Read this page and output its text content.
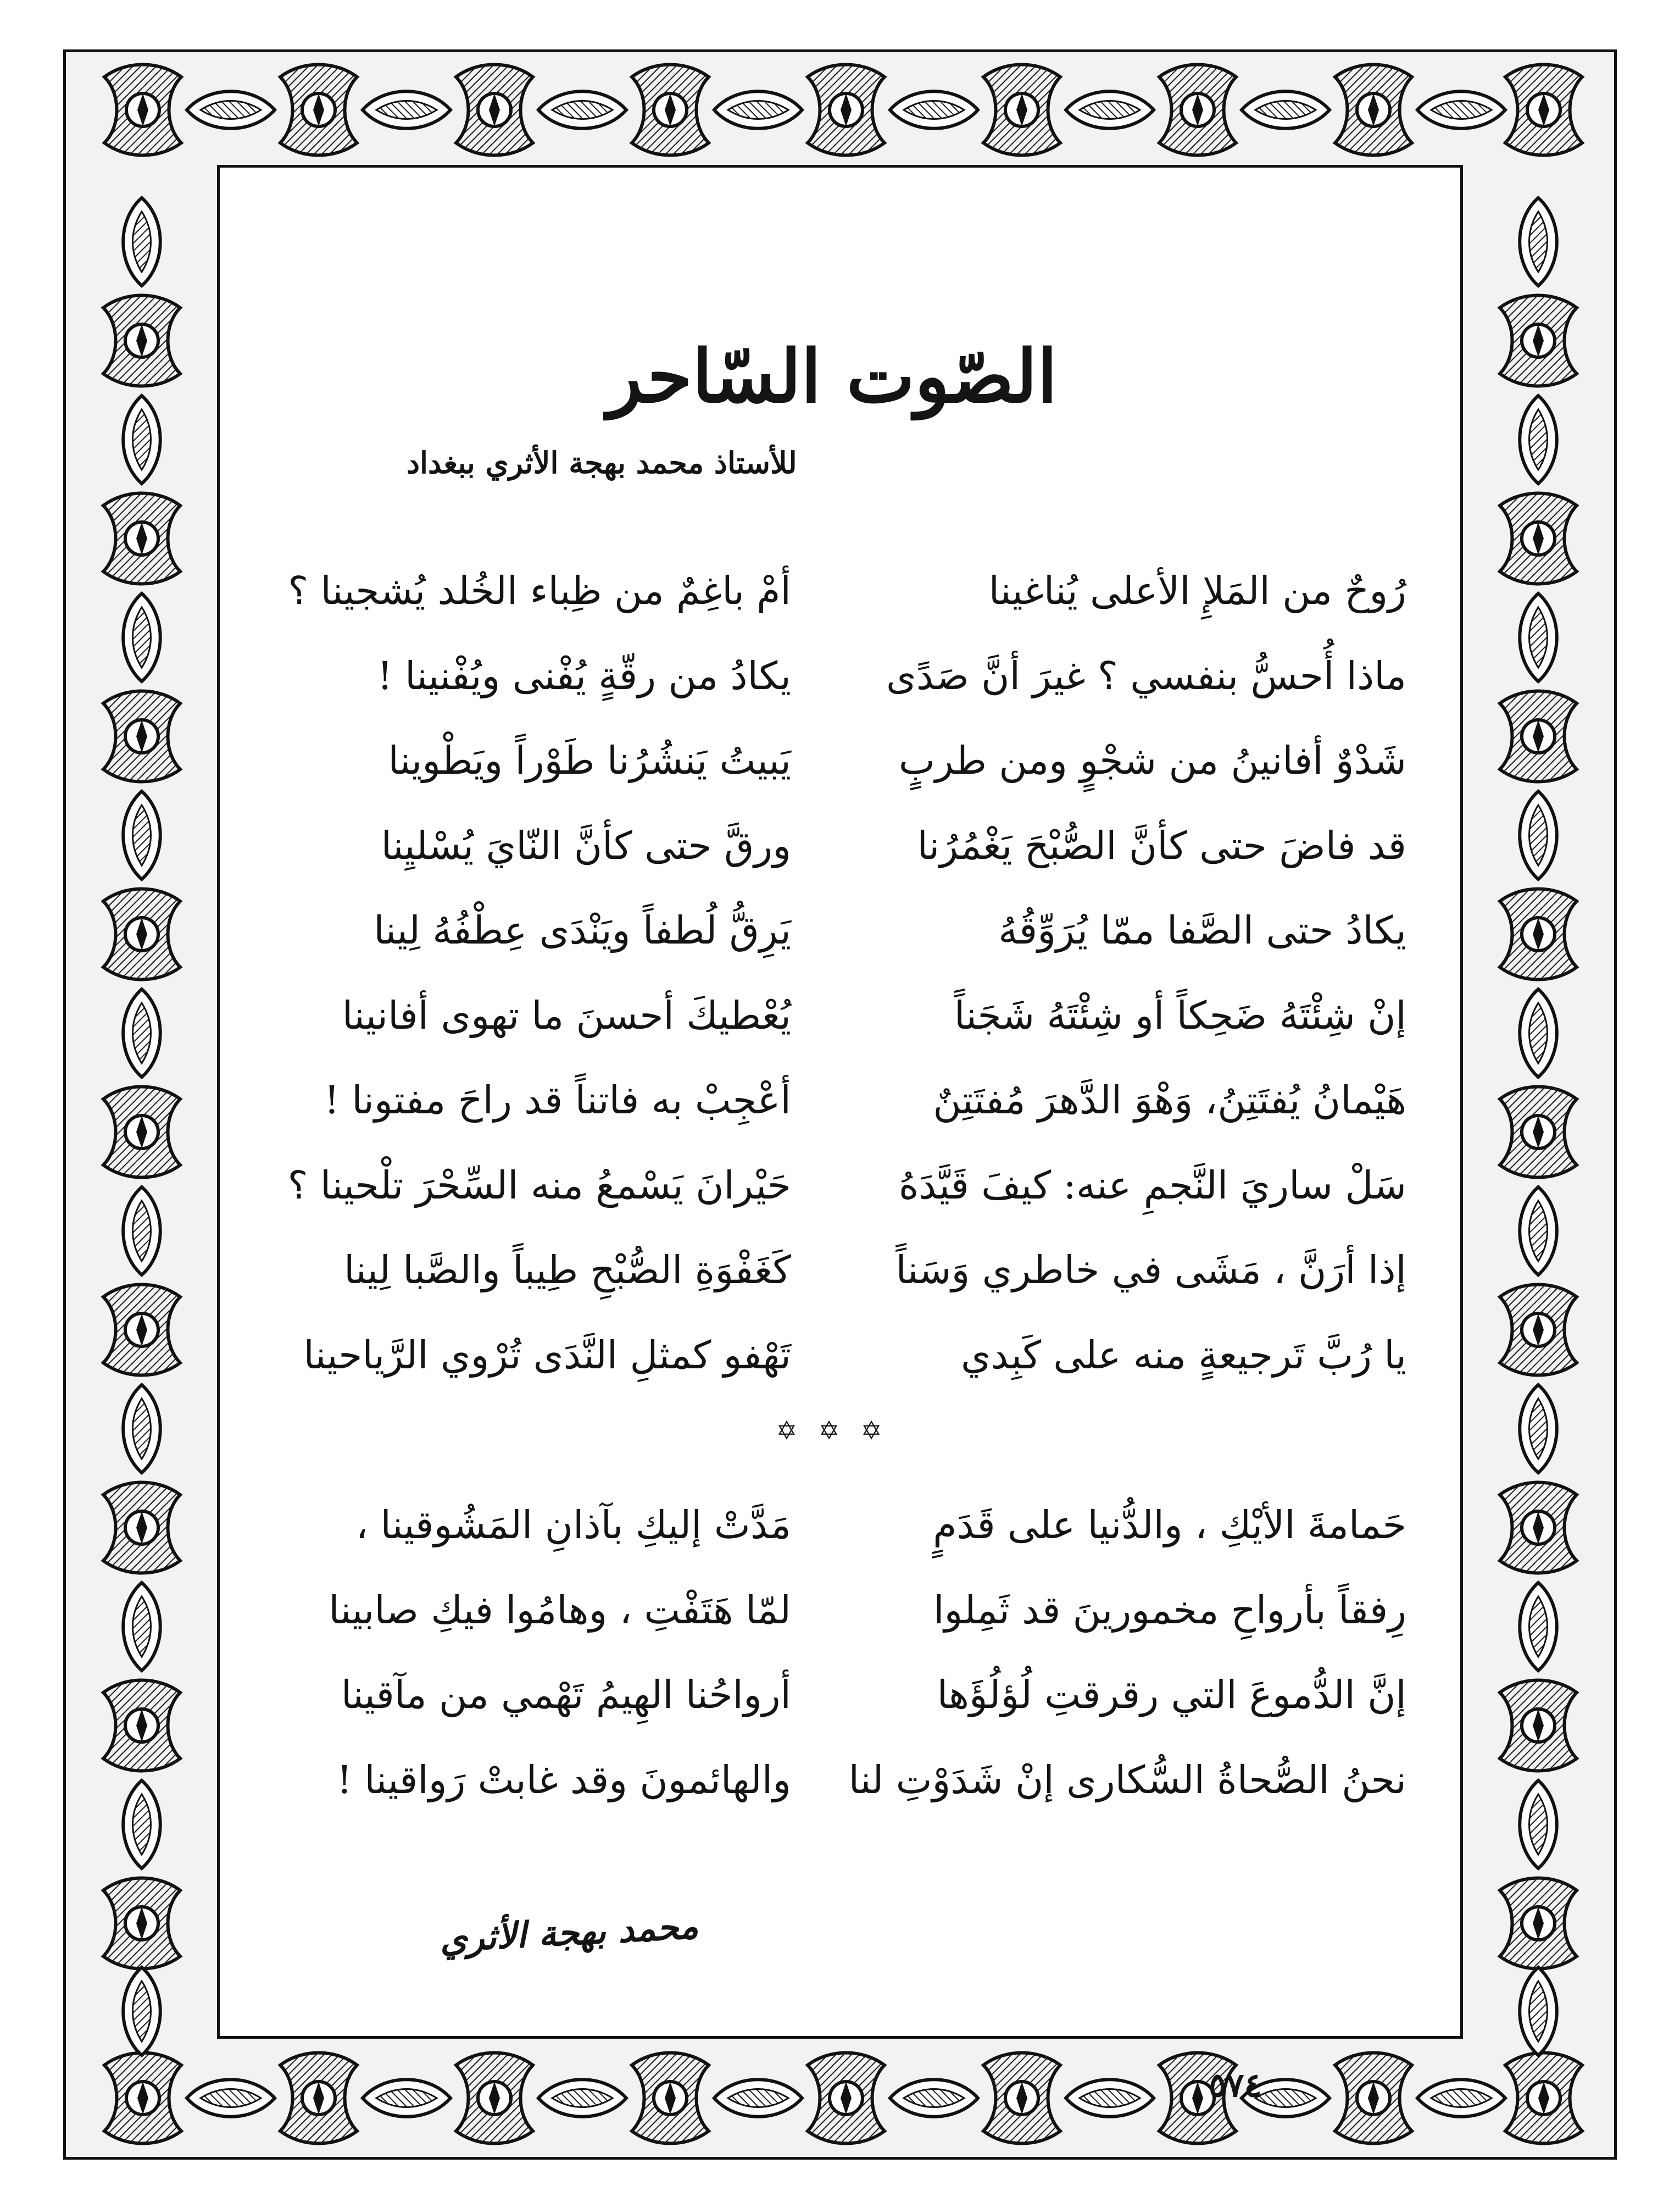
الصّوت السّاحر
للأستاذ محمد بهجة الأثري ببغداد
رُوحٌ من المَلإِ الأعلى يُناغينا
أمْ باغِمٌ من ظِباء الخُلد يُشجينا ؟
ماذا أُحسُّ بنفسي ؟ غيرَ أنَّ صَدًى
يكادُ من رقّةٍ يُفْنى ويُفْنينا !
شَدْوٌ أفانينُ من شجْوٍ ومن طربٍ
يَبيتُ يَنشُرُنا طَوْراً ويَطْوينا
قد فاضَ حتى كأنَّ الصُّبْحَ يَغْمُرُنا
ورقَّ حتى كأنَّ النّايَ يُسْليِنا
يكادُ حتى الصَّفا ممّا يُرَوِّقُهُ
يَرِقُّ لُطفاً ويَنْدَى عِطْفُهُ لِينا
إنْ شِئْتَهُ ضَحِكاً أو شِئْتَهُ شَجَناً
يُعْطيكَ أحسنَ ما تهوى أفانينا
هَيْمانُ يُفتَتِنُ، وَهْوَ الدَّهرَ مُفتَتِنٌ
أعْجِبْ به فاتناً قد راحَ مفتونا !
سَلْ ساريَ النَّجمِ عنه: كيفَ قَيَّدَهُ
حَيْرانَ يَسْمعُ منه السِّحْرَ تلْحينا ؟
إذا أرَنَّ ، مَشَى في خاطري وَسَناً
كَغَفْوَةِ الصُّبْحِ طِيباً والصَّبا لِينا
يا رُبَّ تَرجيعةٍ منه على كَبِدي
تَهْفو كمثلِ النَّدَى تُرْوي الرَّياحينا
✡ ✡ ✡
حَمامةَ الأيْكِ ، والدُّنيا على قَدَمٍ
مَدَّتْ إليكِ بآذانِ المَشُوقينا ،
رِفقاً بأرواحِ مخمورينَ قد ثَمِلوا
لمّا هَتَفْتِ ، وهامُوا فيكِ صابينا
إنَّ الدُّموعَ التي رقرقتِ لُؤلُؤَها
أرواحُنا الهِيمُ تَهْمي من مآقينا
نحنُ الصُّحاةُ السُّكارى إنْ شَدَوْتِ لنا
والهائمونَ وقد غابتْ رَواقينا !
محمد بهجة الأثري
٥٧٤
